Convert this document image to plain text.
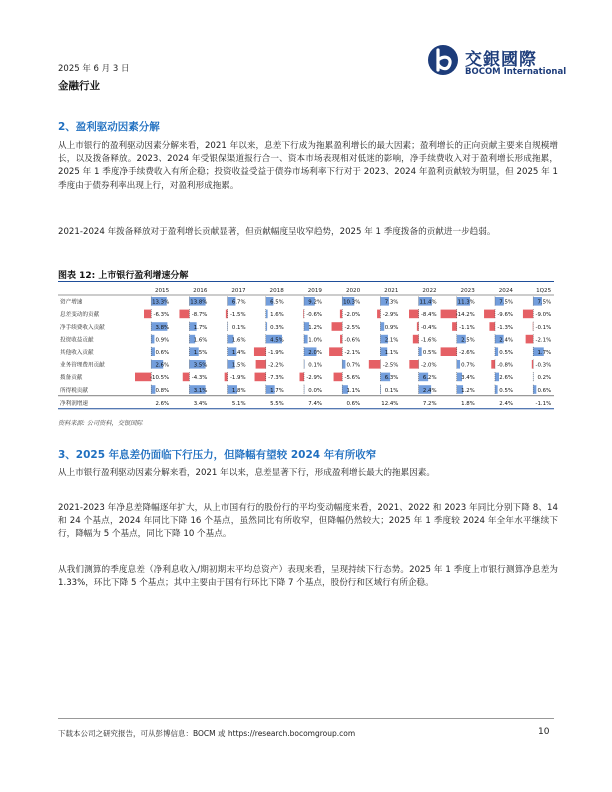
2025 年 6 月 3 日
金融行业
交銀國際
BOCOM International
2、盈利驱动因素分解
从上市银行的盈利驱动因素分解来看，2021 年以来，息差下行成为拖累盈利增长的最大因素；盈利增长的正向贡献主要来自规模增长，以及拨备释放。2023、2024 年受银保渠道报行合一、资本市场表现相对低迷的影响，净手续费收入对于盈利增长形成拖累，2025 年 1 季度净手续费收入有所企稳；投资收益受益于债券市场利率下行对于 2023、2024 年盈利贡献较为明显，但 2025 年 1 季度由于债券利率出现上行，对盈利形成拖累。
2021-2024 年拨备释放对于盈利增长贡献显著，但贡献幅度呈收窄趋势，2025 年 1 季度拨备的贡献进一步趋弱。
图表 12: 上市银行盈利增速分解
2015	2016	2017	2018	2019	2020	2021	2022	2023	2024	1Q25
资产增速	13.3%	13.8%	6.7%	6.5%	9.2%	10.3%	7.3%	11.4%	11.3%	7.5%	7.5%
息差变动的贡献	-6.3%	-8.7%	-1.5%	1.6%	-0.6%	-2.0%	-2.9%	-8.4%	-14.2%	-9.6%	-9.0%
净手续费收入贡献	3.8%	1.7%	0.1%	0.3%	1.2%	-2.5%	0.9%	-0.4%	-1.1%	-1.3%	-0.1%
投资收益贡献	0.9%	1.6%	1.6%	4.5%	1.0%	-0.6%	2.1%	-1.6%	2.5%	2.4%	-2.1%
其他收入贡献	0.6%	1.5%	1.4%	-1.9%	2.0%	-2.1%	1.1%	0.5%	-2.6%	0.5%	1.7%
业务管理费用贡献	2.6%	3.5%	1.5%	-2.2%	0.1%	0.7%	-2.5%	-2.0%	0.7%	-0.8%	-0.3%
拨备贡献	-10.5%	-4.3%	-1.9%	-7.3%	-2.9%	-5.6%	6.3%	6.2%	3.4%	2.6%	0.2%
所得税贡献	0.8%	3.1%	1.8%	1.7%	0.0%	1.1%	0.1%	2.4%	1.2%	0.5%	0.6%
净利润增速	2.6%	3.4%	5.1%	5.5%	7.4%	0.6%	12.4%	7.2%	1.8%	2.4%	-1.1%
资料来源: 公司资料，交银国际
3、2025 年息差仍面临下行压力，但降幅有望较 2024 年有所收窄
从上市银行盈利驱动因素分解来看，2021 年以来，息差显著下行，形成盈利增长最大的拖累因素。
2021-2023 年净息差降幅逐年扩大，从上市国有行的股份行的平均变动幅度来看，2021、2022 和 2023 年同比分别下降 8、14 和 24 个基点，2024 年同比下降 16 个基点，虽然同比有所收窄，但降幅仍然较大；2025 年 1 季度较 2024 年全年水平继续下行，降幅为 5 个基点，同比下降 10 个基点。
从我们测算的季度息差（净利息收入/期初期末平均总资产）表现来看，呈现持续下行态势。2025 年 1 季度上市银行测算净息差为 1.33%，环比下降 5 个基点；其中主要由于国有行环比下降 7 个基点，股份行和区域行有所企稳。
下载本公司之研究报告，可从彭博信息：BOCM 或 https://research.bocomgroup.com	10
